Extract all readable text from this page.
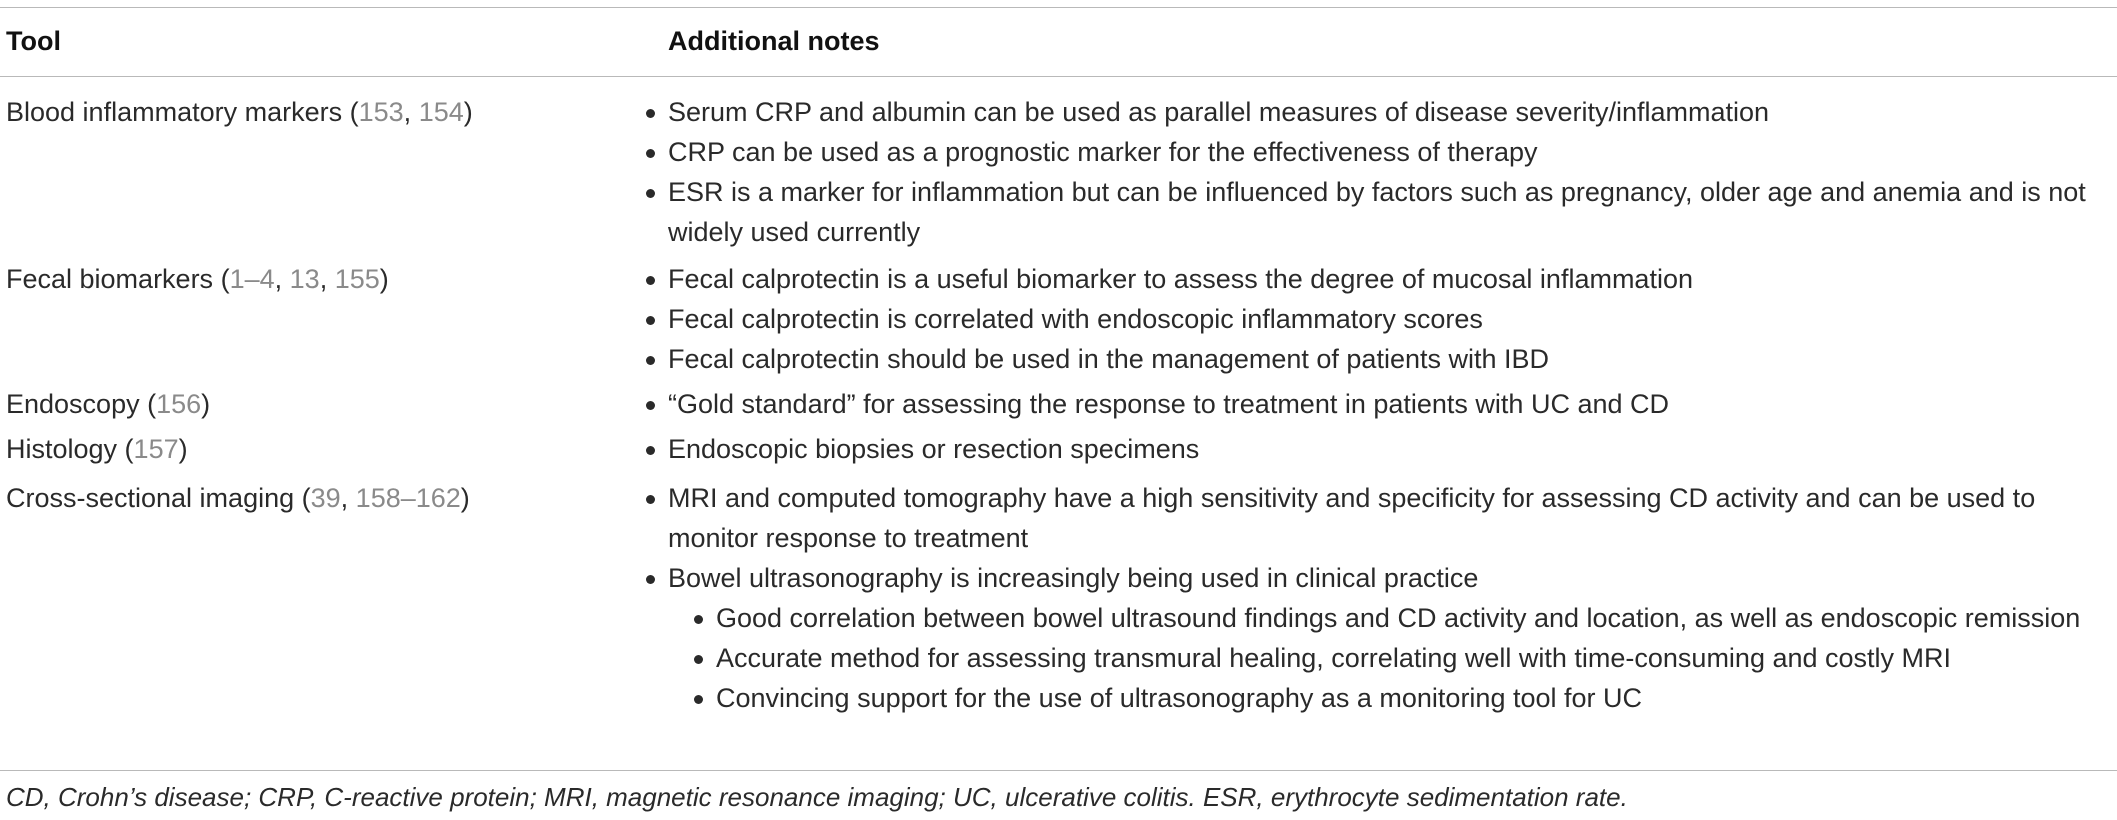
Tool	Additional notes
Blood inflammatory markers (153, 154)	Serum CRP and albumin can be used as parallel measures of disease severity/inflammation
CRP can be used as a prognostic marker for the effectiveness of therapy
ESR is a marker for inflammation but can be influenced by factors such as pregnancy, older age and anemia and is not widely used currently
Fecal biomarkers (1–4, 13, 155)	Fecal calprotectin is a useful biomarker to assess the degree of mucosal inflammation
Fecal calprotectin is correlated with endoscopic inflammatory scores
Fecal calprotectin should be used in the management of patients with IBD
Endoscopy (156)	“Gold standard” for assessing the response to treatment in patients with UC and CD
Histology (157)	Endoscopic biopsies or resection specimens
Cross-sectional imaging (39, 158–162)	MRI and computed tomography have a high sensitivity and specificity for assessing CD activity and can be used to monitor response to treatment
Bowel ultrasonography is increasingly being used in clinical practice
Good correlation between bowel ultrasound findings and CD activity and location, as well as endoscopic remission
Accurate method for assessing transmural healing, correlating well with time-consuming and costly MRI
Convincing support for the use of ultrasonography as a monitoring tool for UC
CD, Crohn’s disease; CRP, C-reactive protein; MRI, magnetic resonance imaging; UC, ulcerative colitis. ESR, erythrocyte sedimentation rate.
